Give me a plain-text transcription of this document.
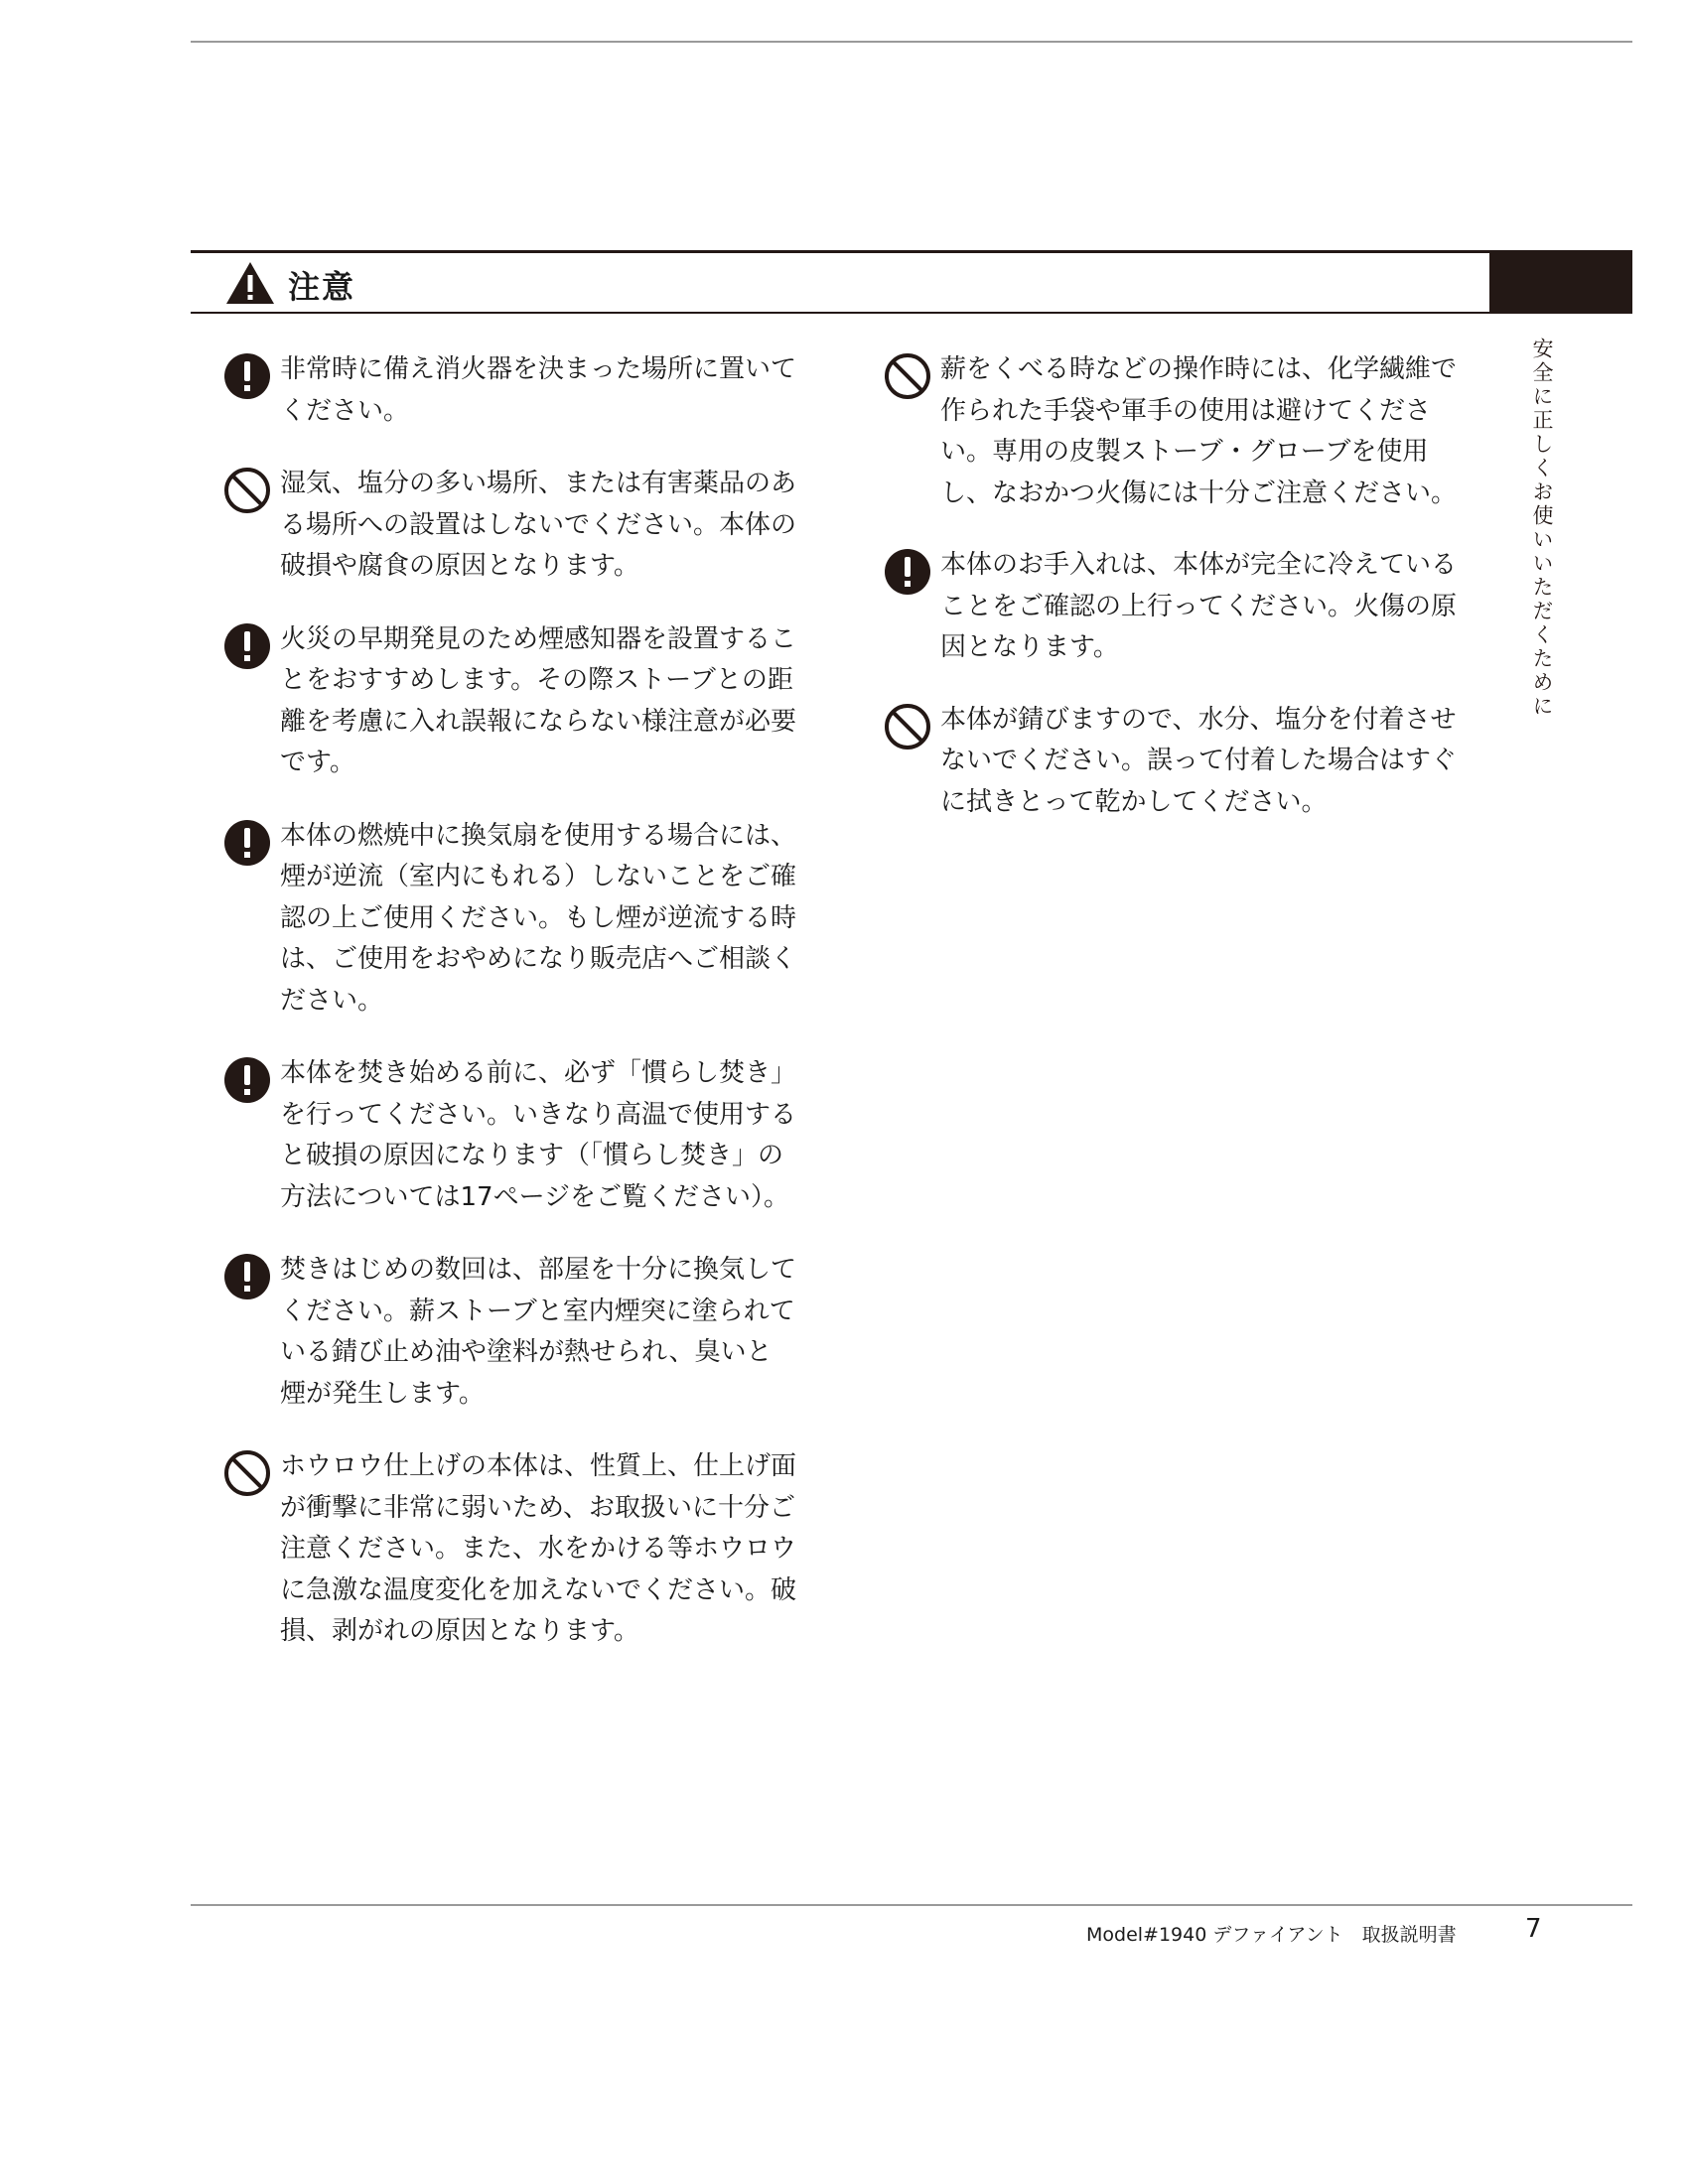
注意
安全に正しくお使いいただくために
非常時に備え消火器を決まった場所に置いてください。
湿気、塩分の多い場所、または有害薬品のある場所への設置はしないでください。本体の破損や腐食の原因となります。
火災の早期発見のため煙感知器を設置することをおすすめします。その際ストーブとの距離を考慮に入れ誤報にならない様注意が必要です。
本体の燃焼中に換気扇を使用する場合には、煙が逆流（室内にもれる）しないことをご確認の上ご使用ください。もし煙が逆流する時は、ご使用をおやめになり販売店へご相談ください。
本体を焚き始める前に、必ず「慣らし焚き」を行ってください。いきなり高温で使用すると破損の原因になります（「慣らし焚き」の方法については17ページをご覧ください）。
焚きはじめの数回は、部屋を十分に換気してください。薪ストーブと室内煙突に塗られている錆び止め油や塗料が熱せられ、臭いと煙が発生します。
ホウロウ仕上げの本体は、性質上、仕上げ面が衝撃に非常に弱いため、お取扱いに十分ご注意ください。また、水をかける等ホウロウに急激な温度変化を加えないでください。破損、剥がれの原因となります。
薪をくべる時などの操作時には、化学繊維で作られた手袋や軍手の使用は避けてください。専用の皮製ストーブ・グローブを使用し、なおかつ火傷には十分ご注意ください。
本体のお手入れは、本体が完全に冷えていることをご確認の上行ってください。火傷の原因となります。
本体が錆びますので、水分、塩分を付着させないでください。誤って付着した場合はすぐに拭きとって乾かしてください。
Model#1940 デファイアント　取扱説明書	7
